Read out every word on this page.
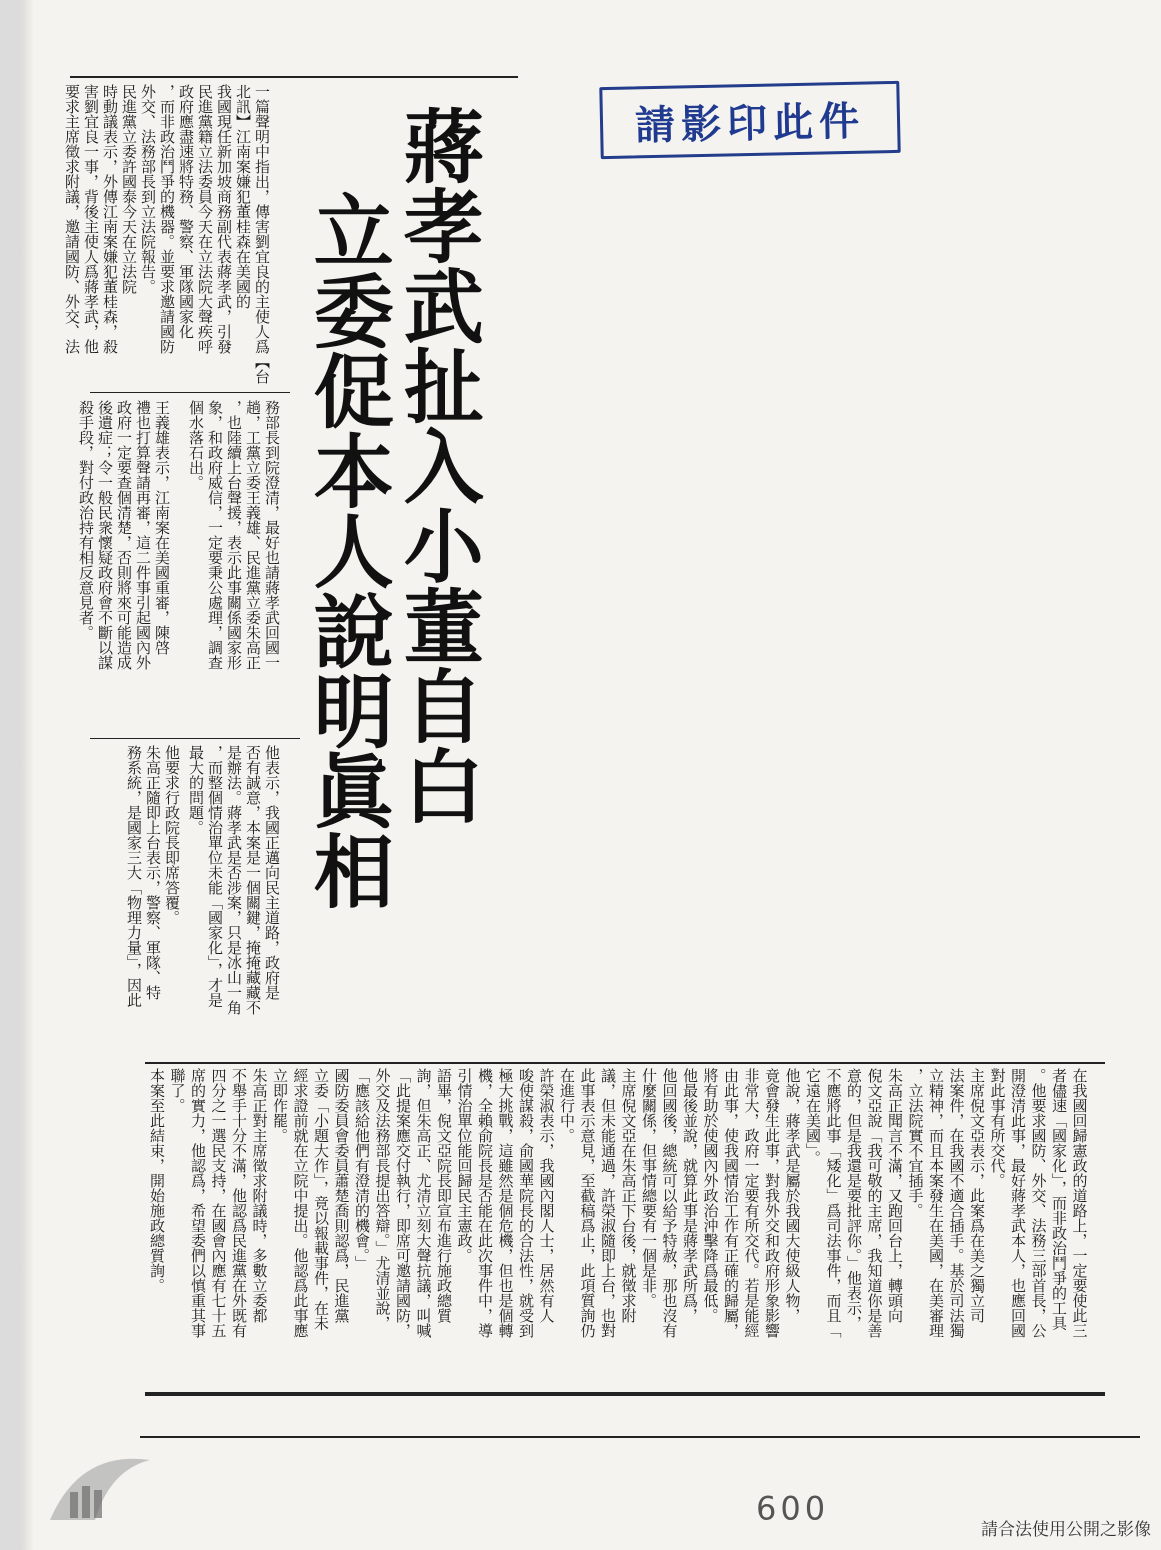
蔣孝武扯入小董自白
立委促本人說明眞相

一篇聲明中指出，傳害劉宜良的主使人爲【台北訊】江南案嫌犯董桂森在美國的
我國現任新加坡商務副代表蔣孝武，引發
民進黨籍立法委員今天在立法院大聲疾呼
政府應盡速將特務、警察、軍隊國家化
，而非政治鬥爭的機器。並要求邀請國防
外交、法務部長到立法院報告。
民進黨立委許國泰今天在立法院
時動議表示，外傳江南案嫌犯董桂森，殺
害劉宜良一事，背後主使人爲蔣孝武，他
要求主席徵求附議，邀請國防、外交、法

務部長到院澄清，最好也請蔣孝武回國一
趟，工黨立委王義雄、民進黨立委朱高正
，也陸續上台聲援，表示此事關係國家形
象，和政府威信，一定要秉公處理，調查
個水落石出。

王義雄表示，江南案在美國重審，陳啓
禮也打算聲請再審，這二件事引起國內外
政府一定要查個清楚，否則將來可能造成
後遺症；令一般民衆懷疑政府會不斷以謀
殺手段，對付政治持有相反意見者。

他表示，我國正邁向民主道路，政府是
否有誠意，本案是一個關鍵，掩掩藏藏不
是辦法。蔣孝武是否涉案，只是冰山一角
，而整個情治單位未能「國家化」，才是
最大的問題。

他要求行政院長即席答覆。
朱高正隨即上台表示，警察、軍隊、特
務系統，是國家三大「物理力量」，因此

在我國回歸憲政的道路上，一定要使此三
者儘速「國家化」，而非政治鬥爭的工具
。他要求國防、外交、法務三部首長，公
開澄清此事，最好蔣孝武本人，也應回國
對此事有所交代。
主席倪文亞表示，此案爲在美之獨立司
法案件，在我國不適合插手。基於司法獨
立精神，而且本案發生在美國，在美審理
，立法院實不宜插手。
朱高正聞言不滿，又跑回台上，轉頭向
倪文亞說「我可敬的主席，我知道你是善
意的，但是我還是要批評你。」他表示，
不應將此事「矮化」爲司法事件，而且「
它遠在美國」。
他說，蔣孝武是屬於我國大使級人物，
竟會發生此事，對我外交和政府形象影響
非常大，政府一定要有所交代。若是能經
由此事，使我國情治工作有正確的歸屬，
將有助於使國內外政治沖擊降爲最低。
他最後並說，就算此事是蔣孝武所爲，
他回國後，總統可以給予特赦，那也沒有
什麼關係，但事情總要有一個是非。
主席倪文亞在朱高正下台後，就徵求附
議，但未能通過，許榮淑隨即上台，也對
此事表示意見，至截稿爲止，此項質詢仍
在進行中。
許榮淑表示，我國內閣人士，居然有人
唆使謀殺，俞國華院長的合法性，就受到
極大挑戰，這雖然是個危機，但也是個轉
機，全賴俞院長是否能在此次事件中，導
引情治單位能回歸民主憲政。
語畢，倪文亞院長即宣布進行施政總質
詢，但朱高正、尤清立刻大聲抗議，叫喊
「此提案應交付執行，即席可邀請國防，
外交及法務部長提出答辯。」尤清並說，
「應該給他們有澄清的機會。」
國防委員會委員蕭楚喬則認爲，民進黨
立委「小題大作」，竟以報載事件，在未
經求證前就在立院中提出。他認爲此事應
立即作罷。
朱高正對主席徵求附議時，多數立委都
不舉手十分不滿，他認爲民進黨在外既有
四分之一選民支持，在國會內應有七十五
席的實力，他認爲，希望委們以慎重其事
聯了。
本案至此結束，開始施政總質詢。

請影印此件
009
請合法使用公開之影像
